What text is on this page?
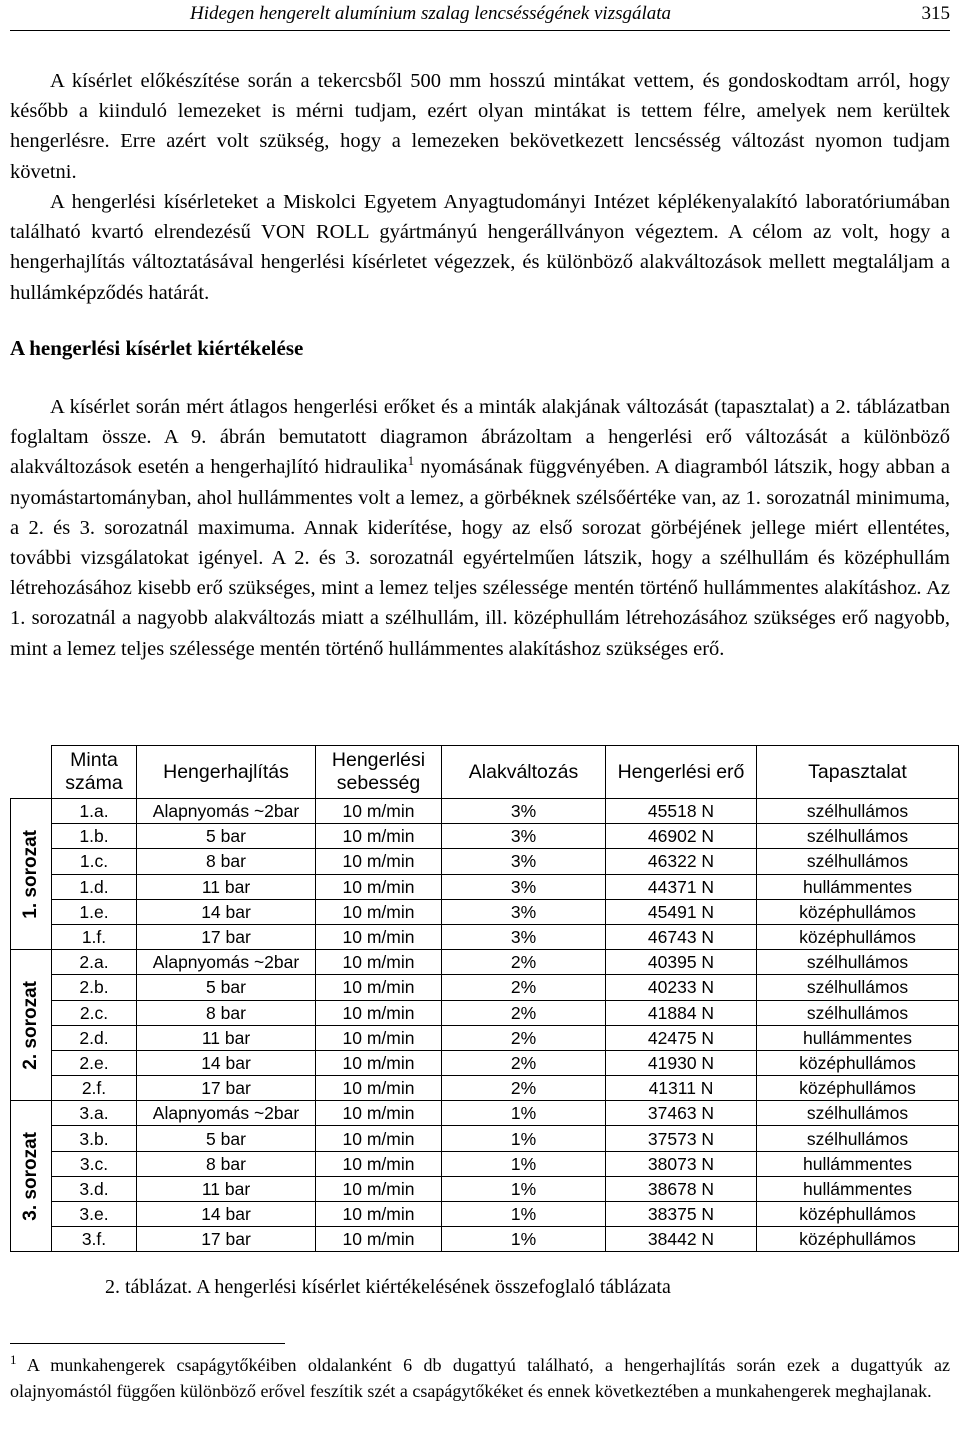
Hidegen hengerelt alumínium szalag lencsésségének vizsgálata	315

A kísérlet előkészítése során a tekercsből 500 mm hosszú mintákat vettem, és gondoskodtam arról, hogy később a kiinduló lemezeket is mérni tudjam, ezért olyan mintákat is tettem félre, amelyek nem kerültek hengerlésre. Erre azért volt szükség, hogy a lemezeken bekövetkezett lencsésség változást nyomon tudjam követni.

A hengerlési kísérleteket a Miskolci Egyetem Anyagtudományi Intézet képlékenyalakító laboratóriumában található kvartó elrendezésű VON ROLL gyártmányú hengerállványon végeztem. A célom az volt, hogy a hengerhajlítás változtatásával hengerlési kísérletet végezzek, és különböző alakváltozások mellett megtaláljam a hullámképződés határát.

A hengerlési kísérlet kiértékelése

A kísérlet során mért átlagos hengerlési erőket és a minták alakjának változását (tapasztalat) a 2. táblázatban foglaltam össze. A 9. ábrán bemutatott diagramon ábrázoltam a hengerlési erő változását a különböző alakváltozások esetén a hengerhajlító hidraulika$^1$ nyomásának függvényében. A diagramból látszik, hogy abban a nyomástartományban, ahol hullámmentes volt a lemez, a görbéknek szélsőértéke van, az 1. sorozatnál minimuma, a 2. és 3. sorozatnál maximuma. Annak kiderítése, hogy az első sorozat görbéjének jellege miért ellentétes, további vizsgálatokat igényel. A 2. és 3. sorozatnál egyértelműen látszik, hogy a szélhullám és középhullám létrehozásához kisebb erő szükséges, mint a lemez teljes szélessége mentén történő hullámmentes alakításhoz. Az 1. sorozatnál a nagyobb alakváltozás miatt a szélhullám, ill. középhullám létrehozásához szükséges erő nagyobb, mint a lemez teljes szélessége mentén történő hullámmentes alakításhoz szükséges erő.

	Minta száma	Hengerhajlítás	Hengerlési sebesség	Alakváltozás	Hengerlési erő	Tapasztalat

1. sorozat	1.a.	Alapnyomás ~2bar	10 m/min	3%	45518 N	szélhullámos
	1.b.	5 bar	10 m/min	3%	46902 N	szélhullámos
	1.c.	8 bar	10 m/min	3%	46322 N	szélhullámos
	1.d.	11 bar	10 m/min	3%	44371 N	hullámmentes
	1.e.	14 bar	10 m/min	3%	45491 N	középhullámos
	1.f.	17 bar	10 m/min	3%	46743 N	középhullámos

2. sorozat	2.a.	Alapnyomás ~2bar	10 m/min	2%	40395 N	szélhullámos
	2.b.	5 bar	10 m/min	2%	40233 N	szélhullámos
	2.c.	8 bar	10 m/min	2%	41884 N	szélhullámos
	2.d.	11 bar	10 m/min	2%	42475 N	hullámmentes
	2.e.	14 bar	10 m/min	2%	41930 N	középhullámos
	2.f.	17 bar	10 m/min	2%	41311 N	középhullámos

3. sorozat	3.a.	Alapnyomás ~2bar	10 m/min	1%	37463 N	szélhullámos
	3.b.	5 bar	10 m/min	1%	37573 N	szélhullámos
	3.c.	8 bar	10 m/min	1%	38073 N	hullámmentes
	3.d.	11 bar	10 m/min	1%	38678 N	hullámmentes
	3.e.	14 bar	10 m/min	1%	38375 N	középhullámos
	3.f.	17 bar	10 m/min	1%	38442 N	középhullámos

2. táblázat. A hengerlési kísérlet kiértékelésének összefoglaló táblázata

$^1$ A munkahengerek csapágytőkéiben oldalanként 6 db dugattyú található, a hengerhajlítás során ezek a dugattyúk az olajnyomástól függően különböző erővel feszítik szét a csapágytőkéket és ennek következtében a munkahengerek meghajlanak.
